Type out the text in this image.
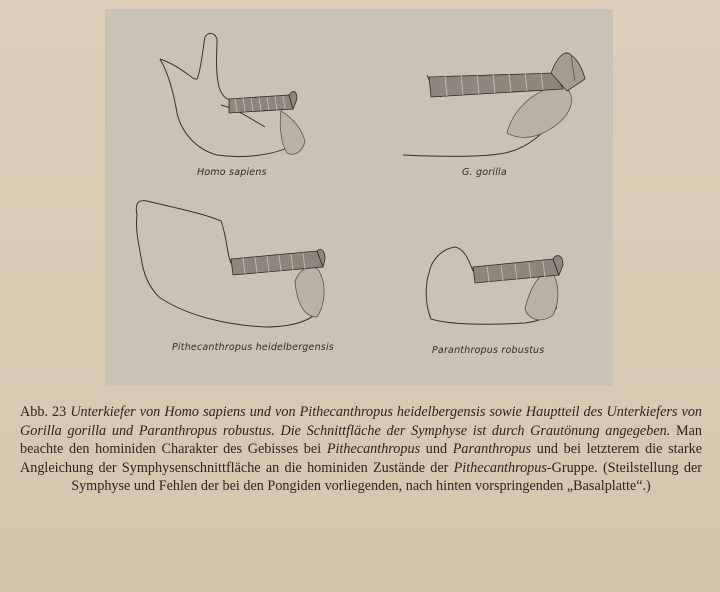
Homo sapiens	G. gorilla
Pithecanthropus heidelbergensis	Paranthropus robustus
Abb. 23 Unterkiefer von Homo sapiens und von Pithecanthropus heidelbergensis sowie Hauptteil des Unterkiefers von Gorilla gorilla und Paranthropus robustus. Die Schnittfläche der Symphyse ist durch Grautönung angegeben. Man beachte den hominiden Charakter des Gebisses bei Pithecanthropus und Paranthropus und bei letzterem die starke Angleichung der Symphysenschnittfläche an die hominiden Zustände der Pithecanthropus-Gruppe. (Steilstellung der Symphyse und Fehlen der bei den Pongiden vorliegenden, nach hinten vorspringenden „Basalplatte“.)
